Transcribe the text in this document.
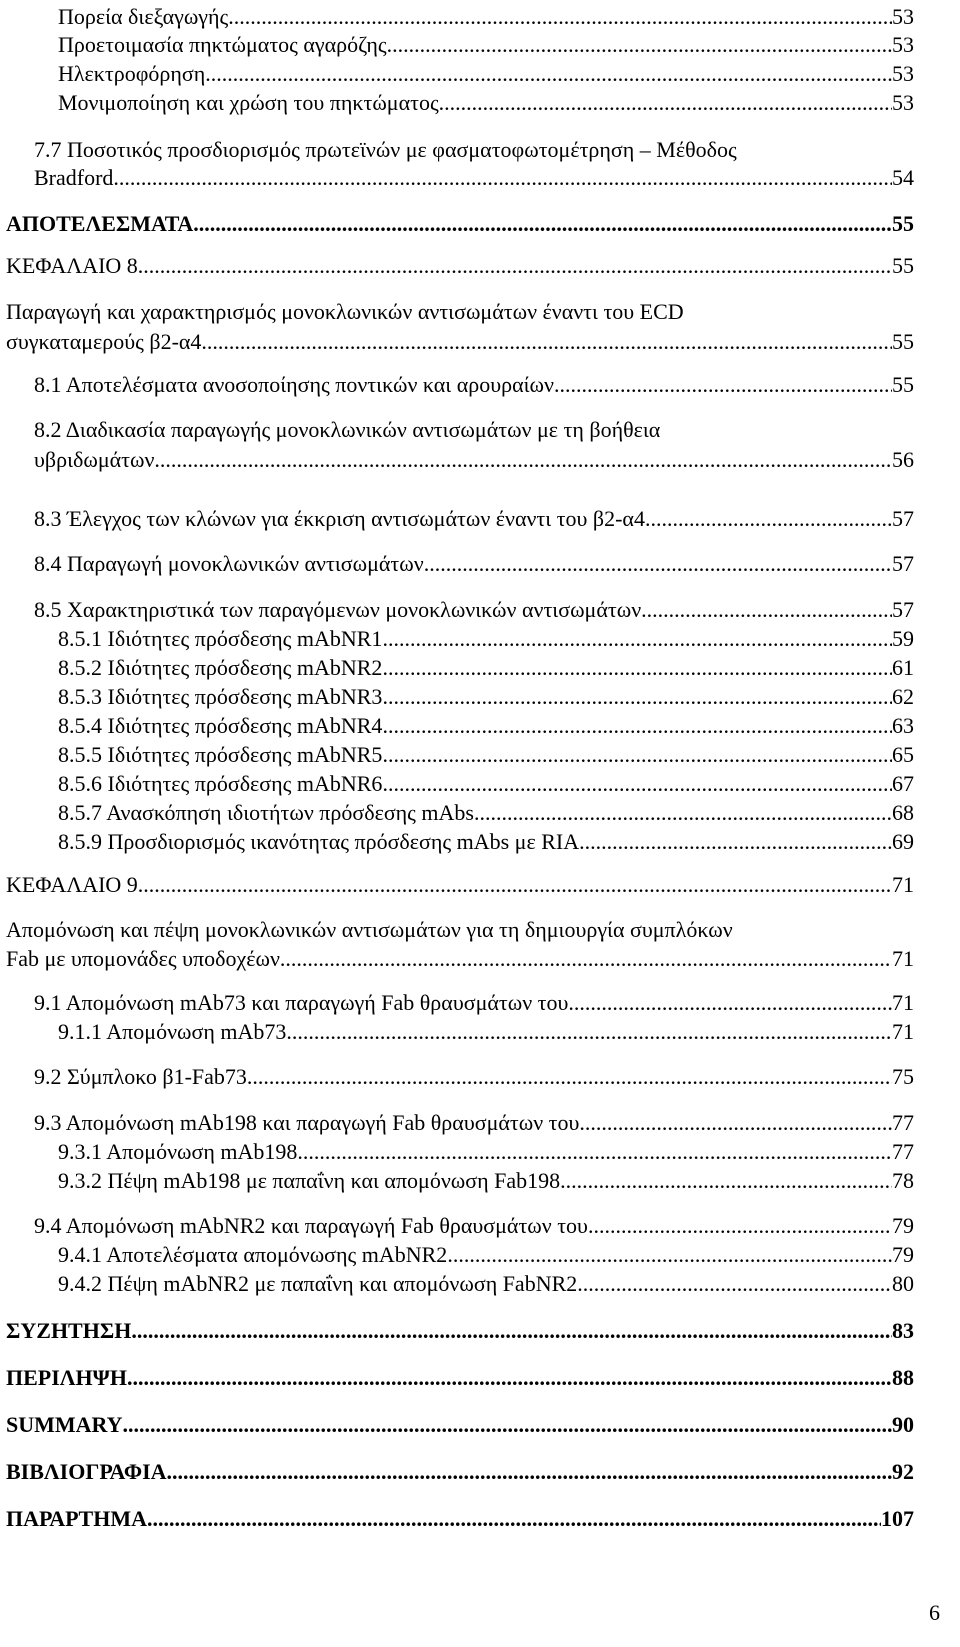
Πορεία διεξαγωγής .....	53
Προετοιμασία πηκτώματος αγαρόζης .....	53
Ηλεκτροφόρηση .....	53
Μονιμοποίηση και χρώση του πηκτώματος .....	53
7.7 Ποσοτικός προσδιορισμός πρωτεϊνών με φασματοφωτομέτρηση – Μέθοδος
Bradford .....	54
ΑΠΟΤΕΛΕΣΜΑΤΑ .....	55
ΚΕΦΑΛΑΙΟ 8 .....	55
Παραγωγή και χαρακτηρισμός μονοκλωνικών αντισωμάτων έναντι του ECD
συγκαταμερούς β2-α4 .....	55
8.1 Αποτελέσματα ανοσοποίησης ποντικών και αρουραίων .....	55
8.2 Διαδικασία παραγωγής μονοκλωνικών αντισωμάτων με τη βοήθεια
υβριδωμάτων .....	56
8.3 Έλεγχος των κλώνων για έκκριση αντισωμάτων έναντι του β2-α4 .....	57
8.4 Παραγωγή μονοκλωνικών αντισωμάτων .....	57
8.5 Χαρακτηριστικά των παραγόμενων μονοκλωνικών αντισωμάτων .....	57
8.5.1 Ιδιότητες πρόσδεσης mAbNR1 .....	59
8.5.2 Ιδιότητες πρόσδεσης mAbNR2 .....	61
8.5.3 Ιδιότητες πρόσδεσης mAbNR3 .....	62
8.5.4 Ιδιότητες πρόσδεσης mAbNR4 .....	63
8.5.5 Ιδιότητες πρόσδεσης mAbNR5 .....	65
8.5.6 Ιδιότητες πρόσδεσης mAbNR6 .....	67
8.5.7 Ανασκόπηση ιδιοτήτων πρόσδεσης mAbs .....	68
8.5.9 Προσδιορισμός ικανότητας πρόσδεσης mAbs με RIA .....	69
ΚΕΦΑΛΑΙΟ 9 .....	71
Απομόνωση και πέψη μονοκλωνικών αντισωμάτων για τη δημιουργία συμπλόκων
Fab με υπομονάδες υποδοχέων .....	71
9.1 Απομόνωση mAb73 και παραγωγή Fab θραυσμάτων του .....	71
9.1.1 Απομόνωση mAb73 .....	71
9.2 Σύμπλοκο β1-Fab73 .....	75
9.3 Απομόνωση mAb198 και παραγωγή Fab θραυσμάτων του .....	77
9.3.1 Απομόνωση mAb198 .....	77
9.3.2 Πέψη mAb198 με παπαΐνη και απομόνωση Fab198 .....	78
9.4 Απομόνωση mAbNR2 και παραγωγή Fab θραυσμάτων του .....	79
9.4.1 Αποτελέσματα απομόνωσης mAbNR2 .....	79
9.4.2 Πέψη mAbNR2 με παπαΐνη και απομόνωση FabNR2 .....	80
ΣΥΖΗΤΗΣΗ .....	83
ΠΕΡΙΛΗΨΗ .....	88
SUMMARY .....	90
ΒΙΒΛΙΟΓΡΑΦΙΑ .....	92
ΠΑΡΑΡΤΗΜΑ .....	107
6
